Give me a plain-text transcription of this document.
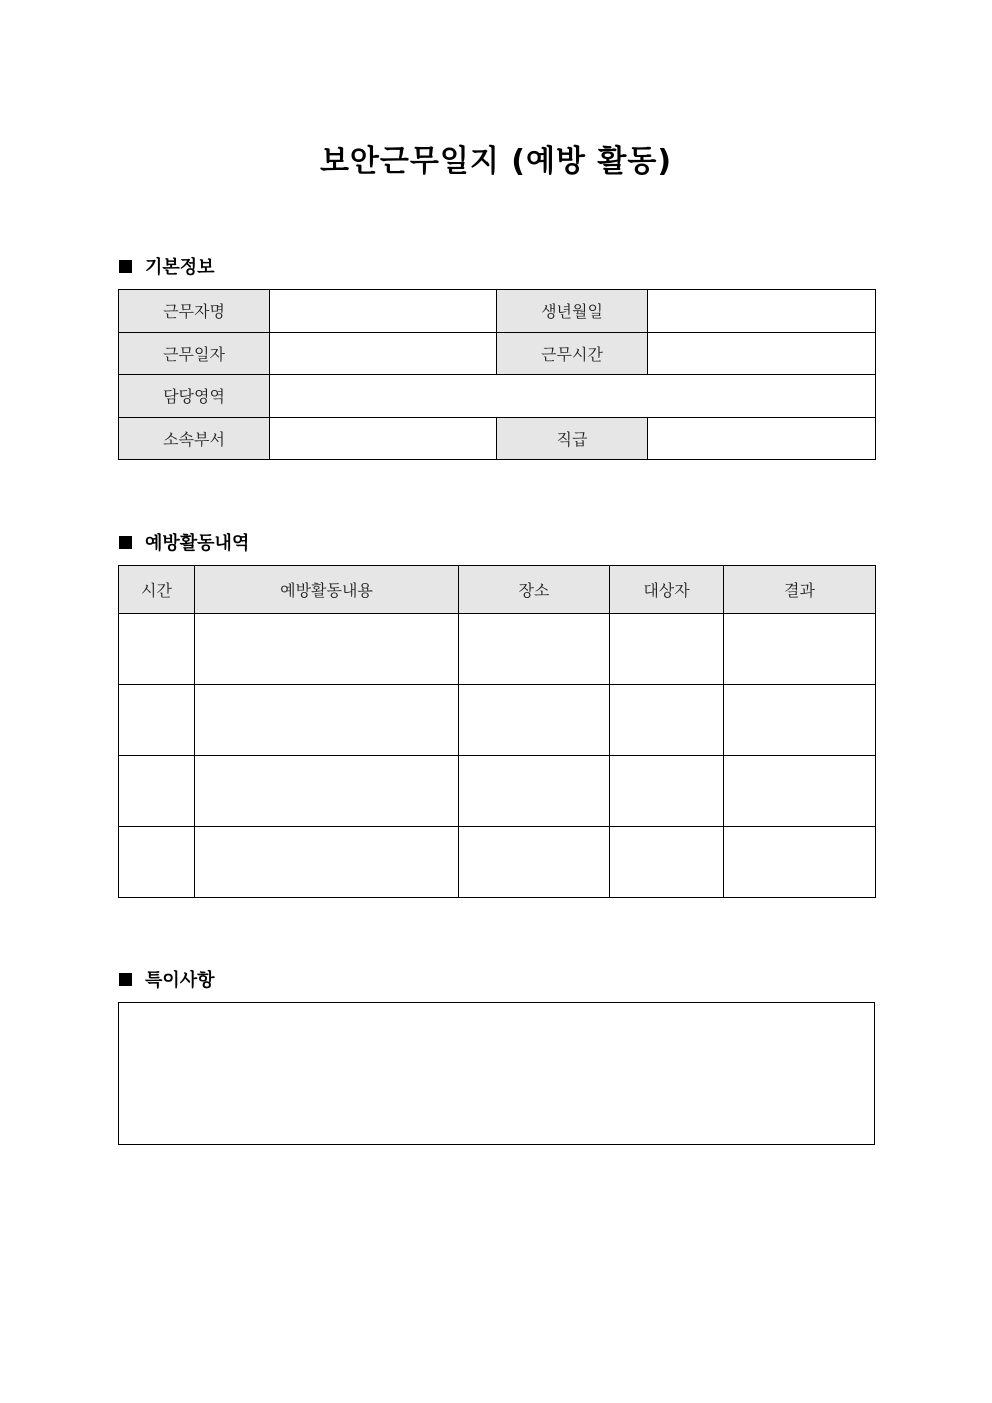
보안근무일지 (예방 활동)
기본정보
근무자명		생년월일	
근무일자		근무시간	
담당영역			
소속부서		직급	
예방활동내역
시간	예방활동내용	장소	대상자	결과

특이사항
